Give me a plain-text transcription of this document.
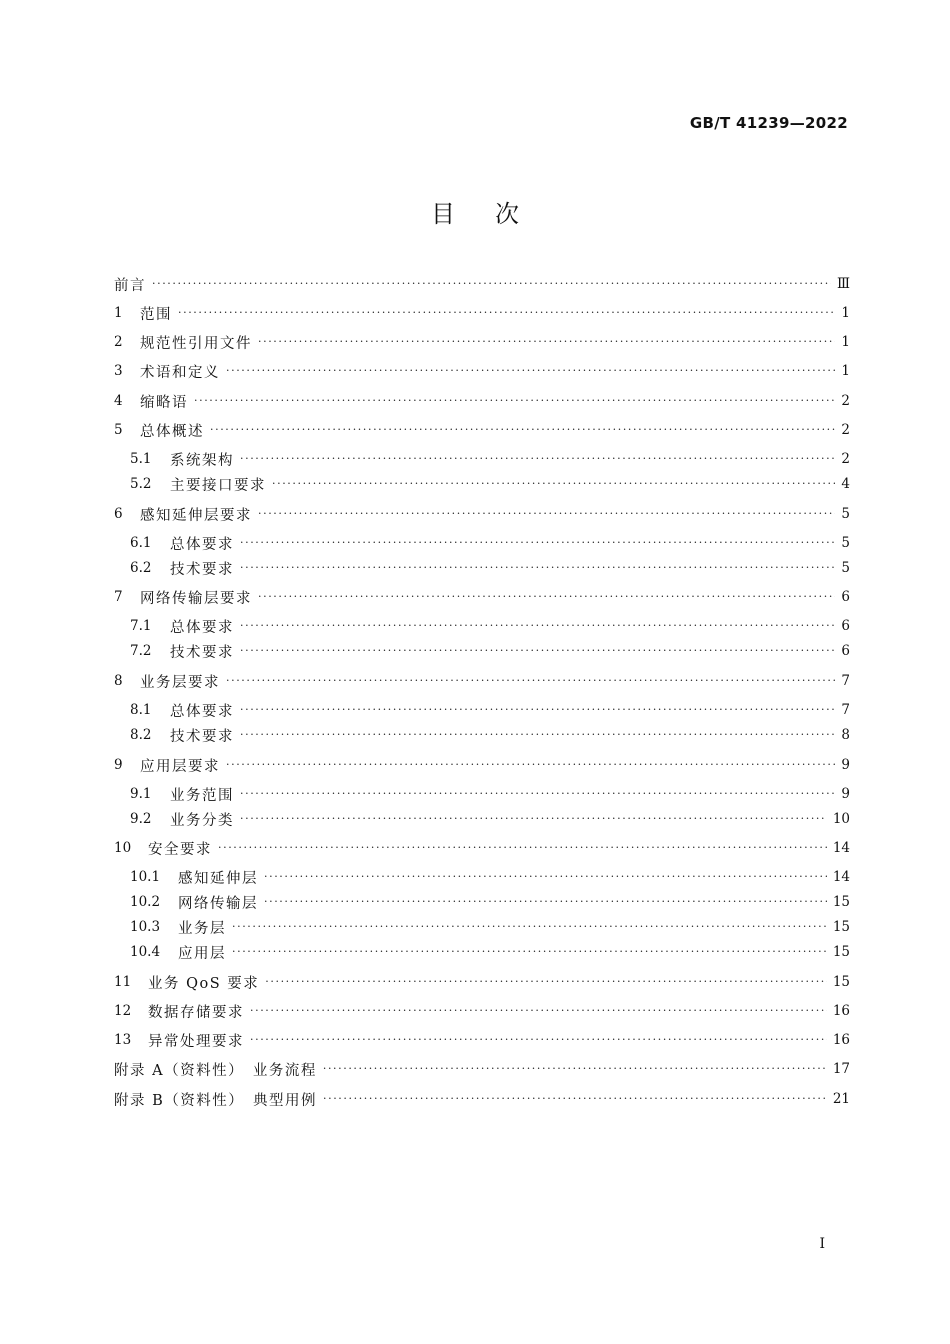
GB/T 41239—2022
目次
前言 ·····	Ⅲ
1	范围 ·····	1
2	规范性引用文件 ·····	1
3	术语和定义 ·····	1
4	缩略语 ·····	2
5	总体概述 ·····	2
5.1	系统架构 ·····	2
5.2	主要接口要求 ·····	4
6	感知延伸层要求 ·····	5
6.1	总体要求 ·····	5
6.2	技术要求 ·····	5
7	网络传输层要求 ·····	6
7.1	总体要求 ·····	6
7.2	技术要求 ·····	6
8	业务层要求 ·····	7
8.1	总体要求 ·····	7
8.2	技术要求 ·····	8
9	应用层要求 ·····	9
9.1	业务范围 ·····	9
9.2	业务分类 ·····	10
10	安全要求 ·····	14
10.1	感知延伸层 ·····	14
10.2	网络传输层 ·····	15
10.3	业务层 ·····	15
10.4	应用层 ·····	15
11	业务 QoS 要求 ·····	15
12	数据存储要求 ·····	16
13	异常处理要求 ·····	16
附录 A（资料性）　业务流程 ·····	17
附录 B（资料性）　典型用例 ·····	21
I
